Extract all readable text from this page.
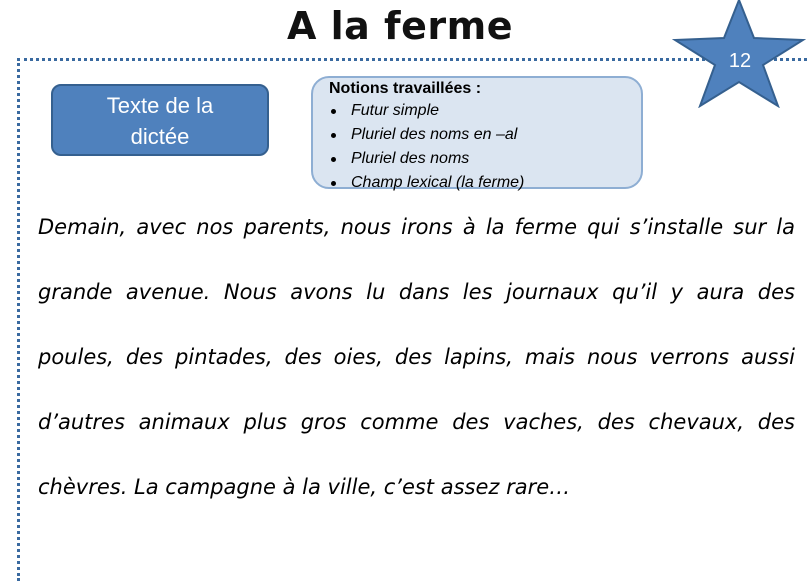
A la ferme
12
Texte de la
dictée
Notions travaillées :
Futur simple
Pluriel des noms en –al
Pluriel des noms
Champ lexical (la ferme)
Demain, avec nos parents, nous irons à la ferme qui s’installe sur la
grande avenue. Nous avons lu dans les journaux qu’il y aura des
poules, des pintades, des oies, des lapins, mais nous verrons aussi
d’autres animaux plus gros comme des vaches, des chevaux, des
chèvres. La campagne à la ville, c’est assez rare…
